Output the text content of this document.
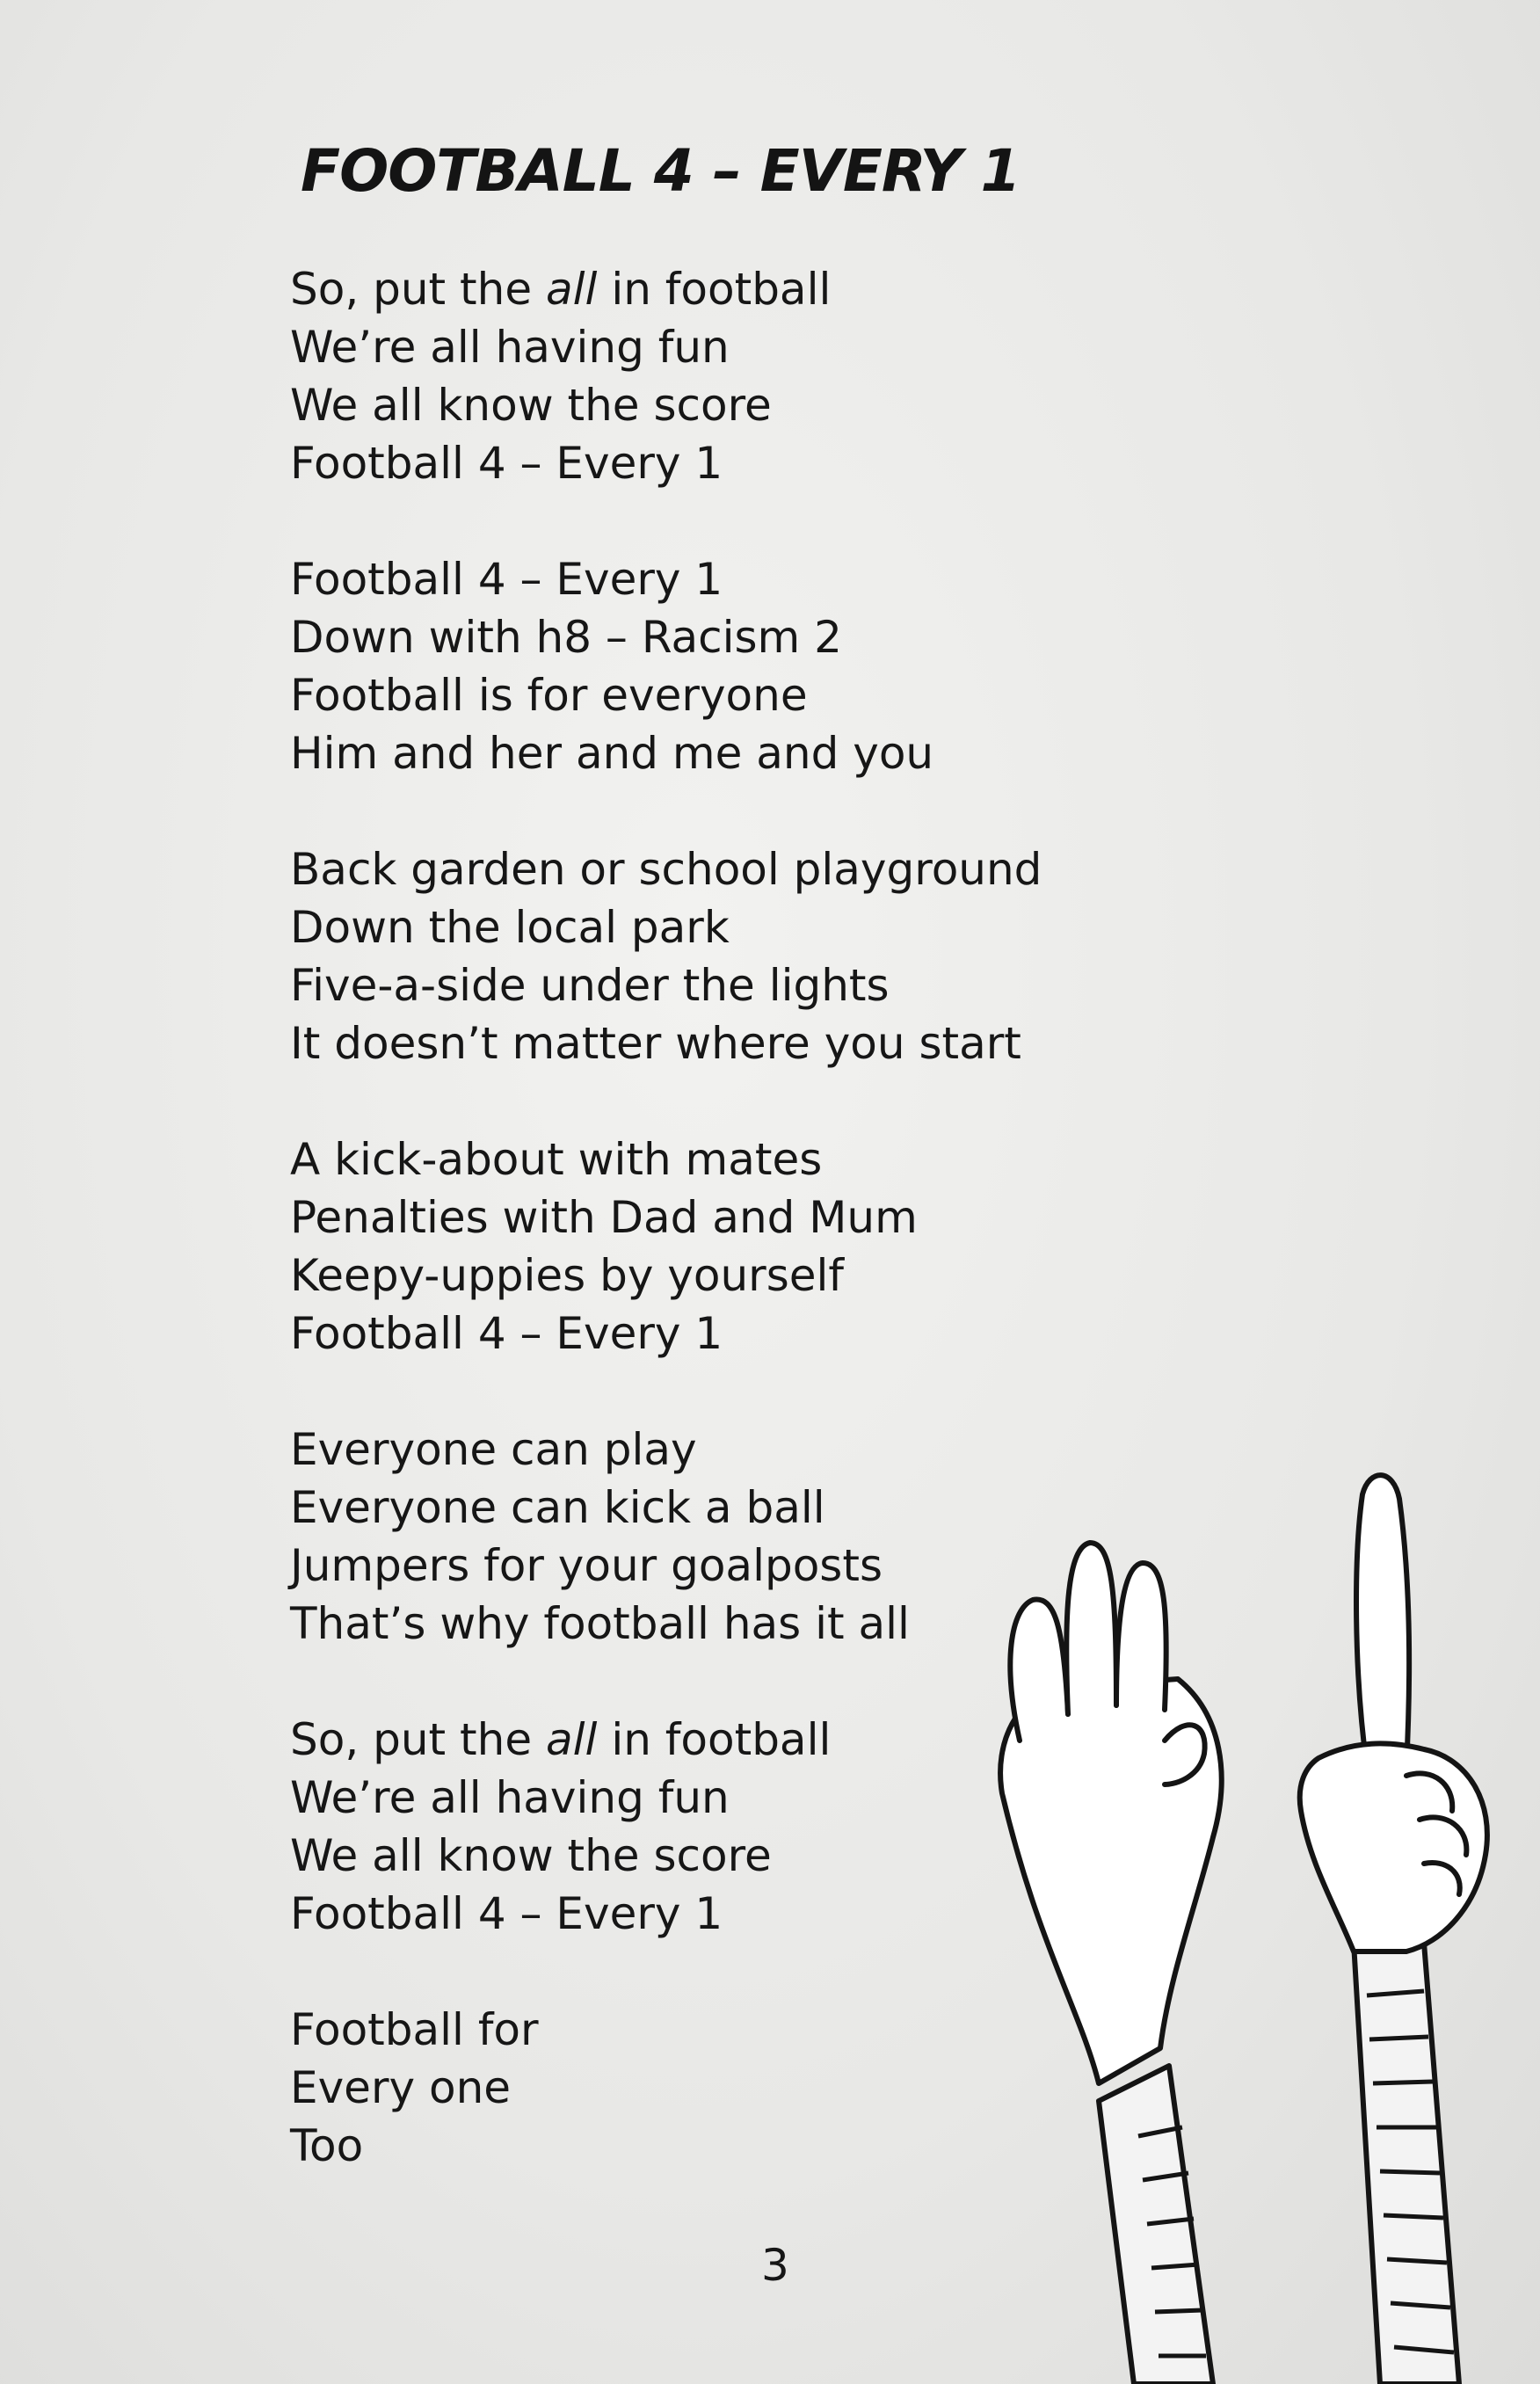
FOOTBALL 4 – EVERY 1
So, put the all in football
We’re all having fun
We all know the score
Football 4 – Every 1
Football 4 – Every 1
Down with h8 – Racism 2
Football is for everyone
Him and her and me and you
Back garden or school playground
Down the local park
Five-a-side under the lights
It doesn’t matter where you start
A kick-about with mates
Penalties with Dad and Mum
Keepy-uppies by yourself
Football 4 – Every 1
Everyone can play
Everyone can kick a ball
Jumpers for your goalposts
That’s why football has it all
So, put the all in football
We’re all having fun
We all know the score
Football 4 – Every 1
Football for
Every one
Too
3
